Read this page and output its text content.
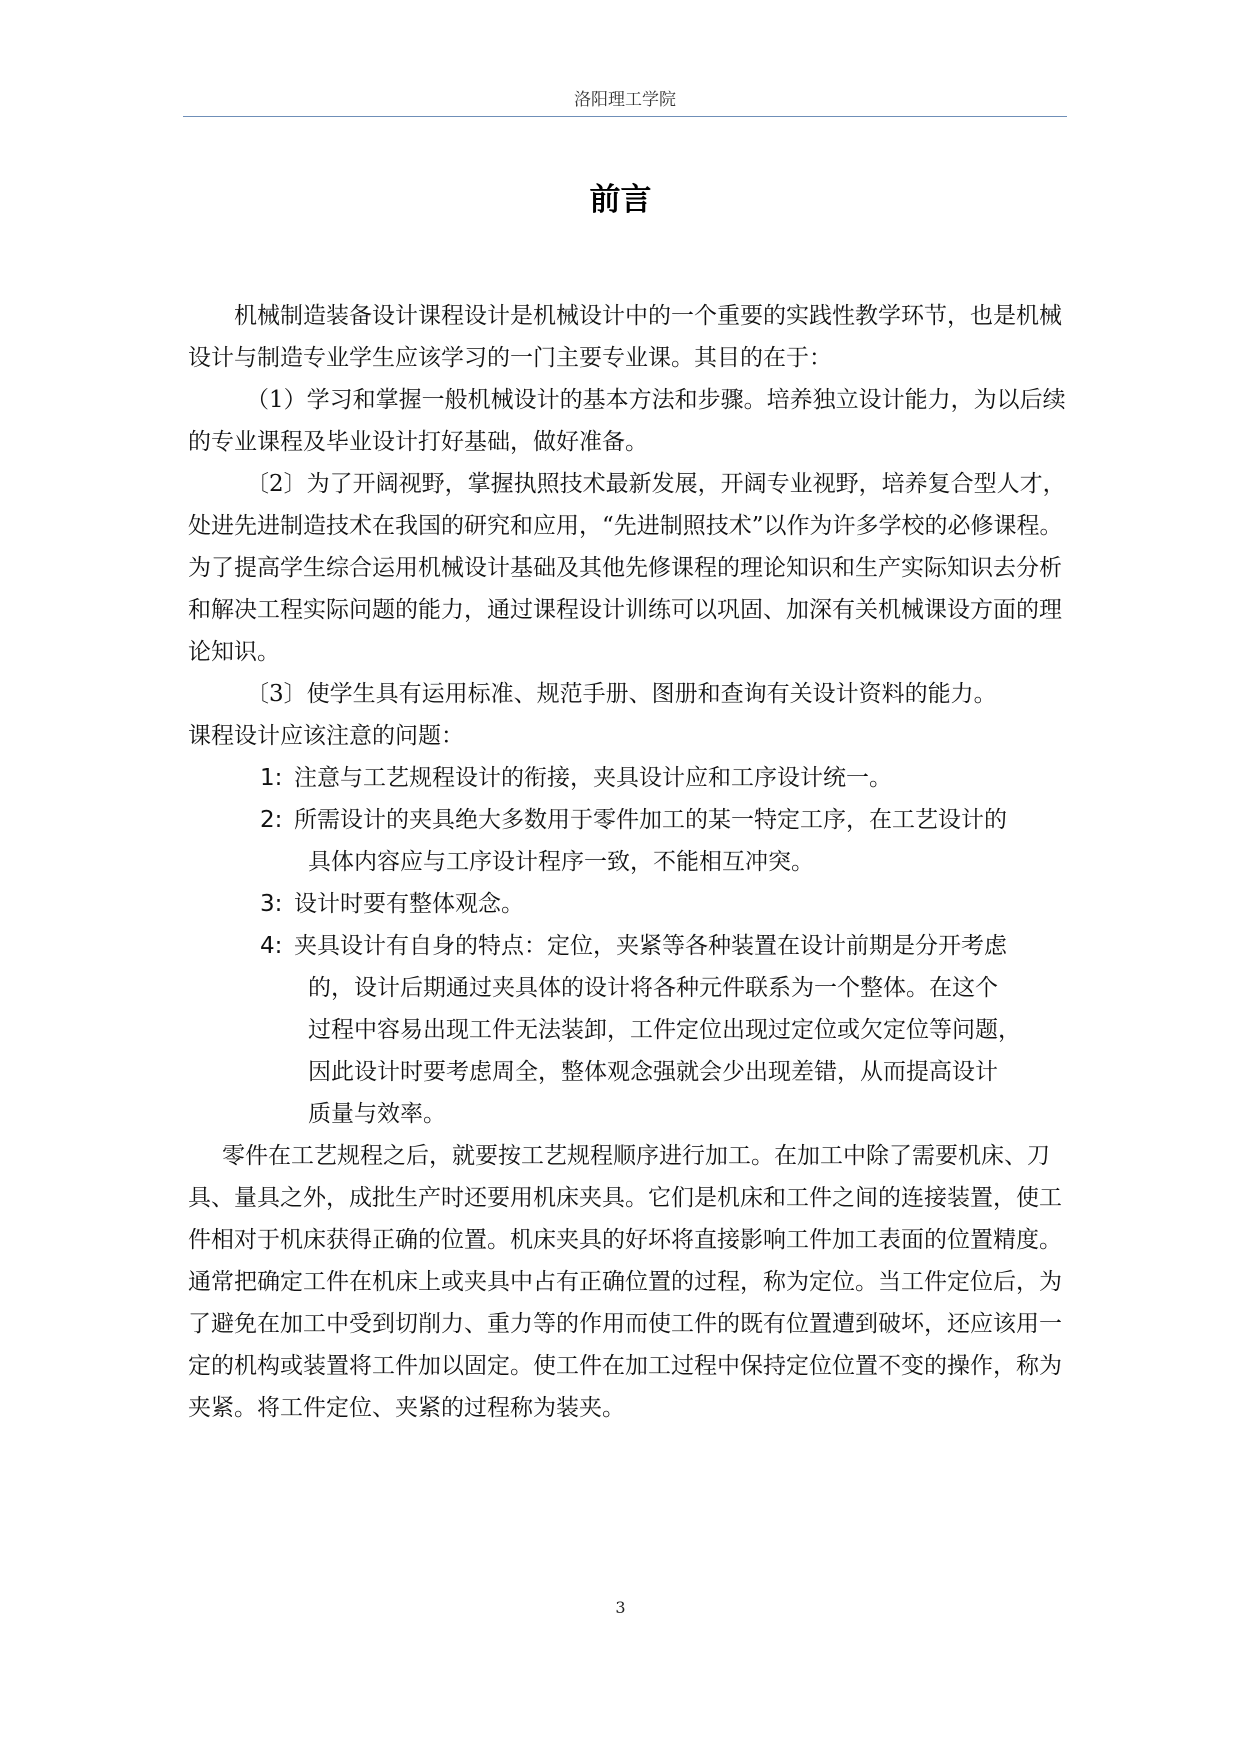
洛阳理工学院
前言

机械制造装备设计课程设计是机械设计中的一个重要的实践性教学环节，也是机械设计与制造专业学生应该学习的一门主要专业课。其目的在于：

（1）学习和掌握一般机械设计的基本方法和步骤。培养独立设计能力，为以后续的专业课程及毕业设计打好基础，做好准备。

〔2〕为了开阔视野，掌握执照技术最新发展，开阔专业视野，培养复合型人才，处进先进制造技术在我国的研究和应用，“先进制照技术”以作为许多学校的必修课程。为了提高学生综合运用机械设计基础及其他先修课程的理论知识和生产实际知识去分析和解决工程实际问题的能力，通过课程设计训练可以巩固、加深有关机械课设方面的理论知识。

〔3〕使学生具有运用标准、规范手册、图册和查询有关设计资料的能力。

课程设计应该注意的问题：

1: 注意与工艺规程设计的衔接，夹具设计应和工序设计统一。
2: 所需设计的夹具绝大多数用于零件加工的某一特定工序，在工艺设计的
具体内容应与工序设计程序一致，不能相互冲突。
3: 设计时要有整体观念。
4: 夹具设计有自身的特点：定位，夹紧等各种装置在设计前期是分开考虑
的，设计后期通过夹具体的设计将各种元件联系为一个整体。在这个
过程中容易出现工件无法装卸，工件定位出现过定位或欠定位等问题，
因此设计时要考虑周全，整体观念强就会少出现差错，从而提高设计
质量与效率。

零件在工艺规程之后，就要按工艺规程顺序进行加工。在加工中除了需要机床、刀具、量具之外，成批生产时还要用机床夹具。它们是机床和工件之间的连接装置，使工件相对于机床获得正确的位置。机床夹具的好坏将直接影响工件加工表面的位置精度。通常把确定工件在机床上或夹具中占有正确位置的过程，称为定位。当工件定位后，为了避免在加工中受到切削力、重力等的作用而使工件的既有位置遭到破坏，还应该用一定的机构或装置将工件加以固定。使工件在加工过程中保持定位位置不变的操作，称为夹紧。将工件定位、夹紧的过程称为装夹。

3
